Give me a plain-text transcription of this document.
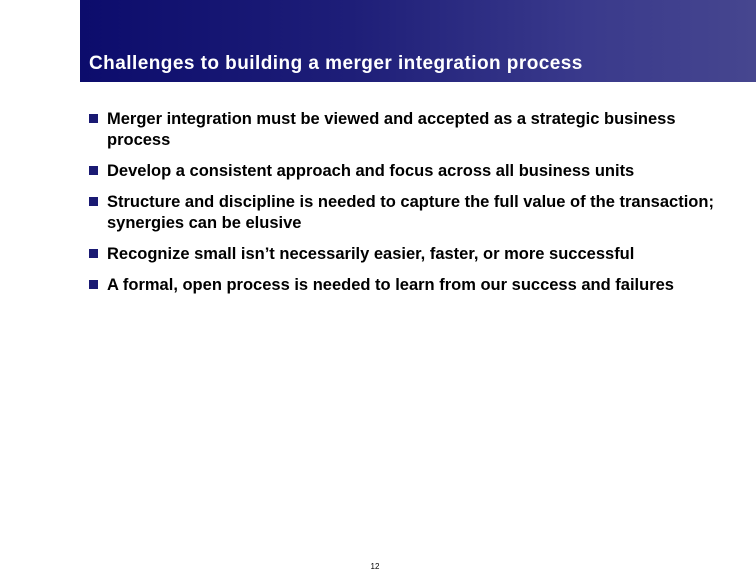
Challenges to building a merger integration process
Merger integration must be viewed and accepted as a strategic business process
Develop a consistent approach and focus across all business units
Structure and discipline is needed to capture the full value of the transaction; synergies can be elusive
Recognize small isn’t necessarily easier, faster, or more successful
A formal, open process is needed to learn from our success and failures
12
